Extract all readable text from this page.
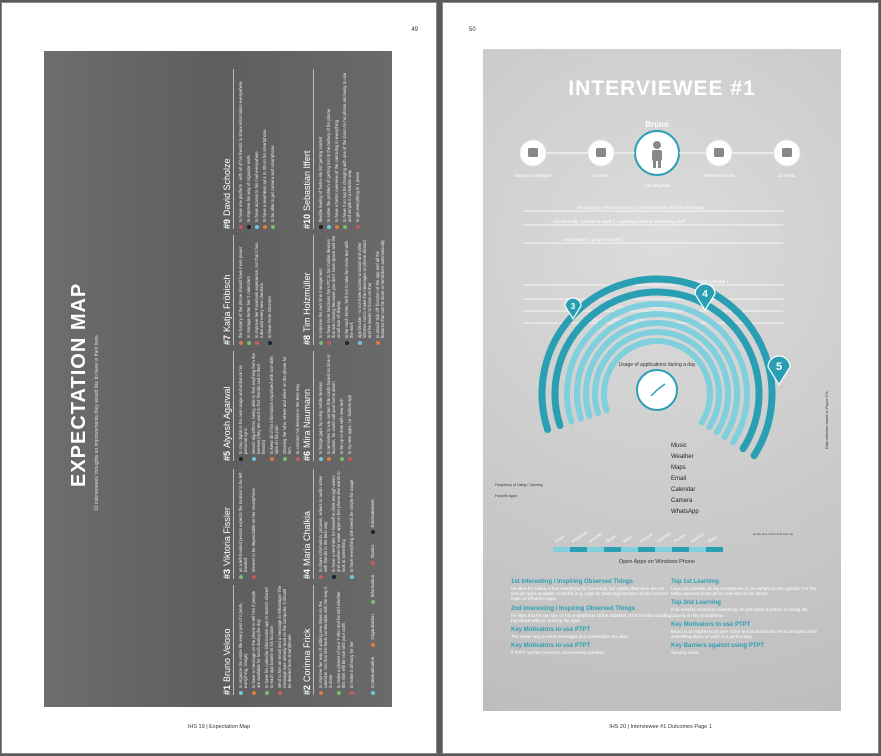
49
EXPECTATION MAP 10 interviewees' thoughts on improvements they would like to have in their lives
#1Bruno Veloso	to organize his entire life every part of it (work, everything, image) to have a message on the phone to tell him if people are available for lunch during the day to have his calendar information app in Munich shared to each app based on his location send to him an email and a message in Whatsapp! The message was already read on the computer, it should be deleted from smartphone!
#2Corinna Frick	to improve her way of adding new dates on the calendar. Not that she feels comfortable with the way it is done to make a picture of your T-shirt and be told whether this shirt will be nice with your outfit to make it all easy for her
#3Viktoria Fissler	as a left-handed person expects the location to be left-handed internet to be dependable on her smartphone
#4Maria Chalkia	to share information, pictures, videos or audio notes with friends in the best way to have a reminder for herself to drink enough water, and another for water apps on her phone she wants to look at something to have everything she needs be simple for usage
#5Alyosh Agarwal	to stay digital in his own usage and enhance his personal sync search algorithms, being able to find anything from the internet (they are used to find friends and in their friends) to keep all of his information organized with sort-able tabs on his part showing the 'who, where and when' on the phone for him to connect his devices in the best way
#6Mira Naumann	to bridge gaps by using mobile devices to reminder to use certain little cards based on time or location, he could call your home alarm to be up to date with new tech to try new apps, i.e. fashion app
#7Katja Fröbisch	the battery of the phone should have more power to manage better her 2 calendars to improve her Facebook experience, not that it has rules and every new checkins to have more structure
#8Tim Holzmüller	to improve his own time management to have more functions from PC to his mobile devices that are missing because you don't have space and the small size of display to be much better, he'll not to take fun more text with the work app blocker - to not have access to social and other internet, not to make the messages or phone distract and he needs to focus on that to attach 'tick off' function of the app and all the features that can be done or reminders automatically
#9David Scholze	to have one platform - with all of his friends to share information everywhere to improve his way of organize work to have access to his mail everywhere to have a seamless sync to 3D on his smartphone to be able to get camera and smartphone	#10Sebastian Iffert	flexible feeling of 'hell-o-ido list' getting started to solve the problem of getting lost in the battery of his phone to have a better overview of the canceling in everything to have it on top for changing with one of the icons on his phone and easy to use and simple in a realistic way to get everything in 1 place
Communication
Organization
Information
Basics
Entertainment
IHS 19 | Expectation Map
50
INTERVIEWEE #1
Bruno
Age 30 years
Interactive Designer	Lecturer	Windows phone	2x iPads
frequently ( private & work ): communication and file exchange
occasionally ( private & work ): capturing notes & interesting stuff
occasionally ( private & work )
depends on account ( private )
private
1-2 min. ( private ): checking weather
during work ( private & work )
Music
Weather
Maps
Email
Calendar
Camera
WhatsApp
Usage of applications during a day
3
4
5
Frequency of Using / Opening
Favorite Apps
Data collection based on Figure 17a
Email WhatsApp Weather Skype Music Camera Calendar Photos Bamboo Maps
Open Apps on Windows Phone
as the size of the dots from as
1st Interesting / Inspiring Observed Things

He likes his Nokia. It has everything for his needs, but admits that there are not enough apps available on Nokia (e.g. Apps for planning) because all are focused more on iPhone's apps.

2nd Interesting / Inspiring Observed Things

He likes that he can see on his smartphone all the activities of his friends including Facebook without opening the apps.

Key Motivators to use PTPT

The easier way to send messages and systematize the data.

Key Motivators to use PTPT

If PTPT set him free from unnecessary activities.

Top 1st Learning

Uses his calendar on the smartphone to see what's on the agenda. For the tasks overview looks at his calendar on the laptop.

Top 2nd Learning

If he need to memorize something, he just takes a picture on using the camera on his smartphone.

Key Motivators to use PTPT

Bruno is an experienced user of the technical devices. He is annoyed when something does not work in a perfect way.

Key Barriers against using PTPT

Security issue.

IHS 20 | Interviewee #1 Outcomes Page 1
